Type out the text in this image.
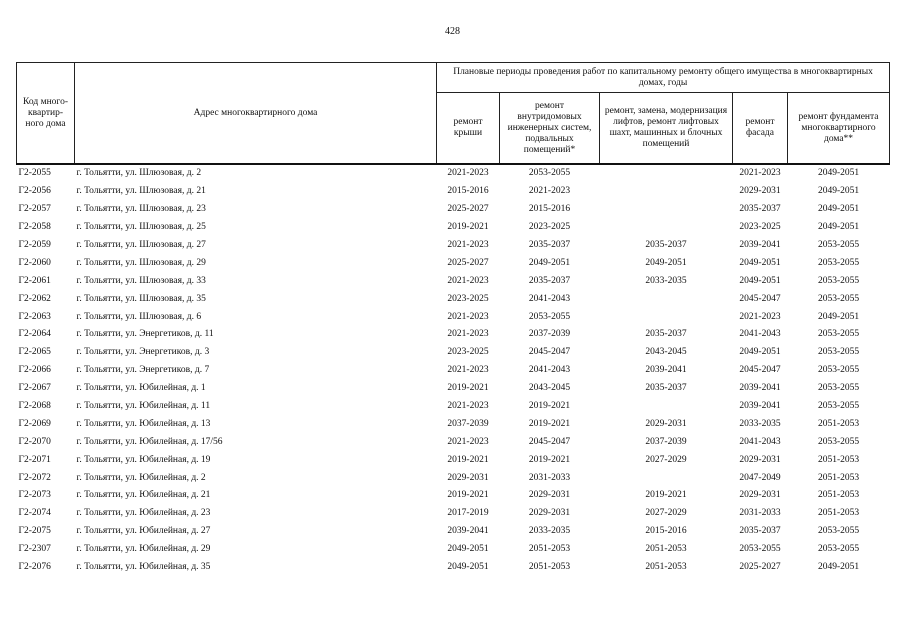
428
Код много-квартир-ного дома	Адрес многоквартирного дома	Плановые периоды проведения работ по капитальному ремонту общего имущества в многоквартирных домах, годы				
		ремонт крыши	ремонт внутридомовых инженерных систем, подвальных помещений*	ремонт, замена, модернизация лифтов, ремонт лифтовых шахт, машинных и блочных помещений	ремонт фасада	ремонт фундамента многоквартирного дома**
Г2-2055	г. Тольятти, ул. Шлюзовая, д. 2	2021-2023	2053-2055		2021-2023	2049-2051
Г2-2056	г. Тольятти, ул. Шлюзовая, д. 21	2015-2016	2021-2023		2029-2031	2049-2051
Г2-2057	г. Тольятти, ул. Шлюзовая, д. 23	2025-2027	2015-2016		2035-2037	2049-2051
Г2-2058	г. Тольятти, ул. Шлюзовая, д. 25	2019-2021	2023-2025		2023-2025	2049-2051
Г2-2059	г. Тольятти, ул. Шлюзовая, д. 27	2021-2023	2035-2037	2035-2037	2039-2041	2053-2055
Г2-2060	г. Тольятти, ул. Шлюзовая, д. 29	2025-2027	2049-2051	2049-2051	2049-2051	2053-2055
Г2-2061	г. Тольятти, ул. Шлюзовая, д. 33	2021-2023	2035-2037	2033-2035	2049-2051	2053-2055
Г2-2062	г. Тольятти, ул. Шлюзовая, д. 35	2023-2025	2041-2043		2045-2047	2053-2055
Г2-2063	г. Тольятти, ул. Шлюзовая, д. 6	2021-2023	2053-2055		2021-2023	2049-2051
Г2-2064	г. Тольятти, ул. Энергетиков, д. 11	2021-2023	2037-2039	2035-2037	2041-2043	2053-2055
Г2-2065	г. Тольятти, ул. Энергетиков, д. 3	2023-2025	2045-2047	2043-2045	2049-2051	2053-2055
Г2-2066	г. Тольятти, ул. Энергетиков, д. 7	2021-2023	2041-2043	2039-2041	2045-2047	2053-2055
Г2-2067	г. Тольятти, ул. Юбилейная, д. 1	2019-2021	2043-2045	2035-2037	2039-2041	2053-2055
Г2-2068	г. Тольятти, ул. Юбилейная, д. 11	2021-2023	2019-2021		2039-2041	2053-2055
Г2-2069	г. Тольятти, ул. Юбилейная, д. 13	2037-2039	2019-2021	2029-2031	2033-2035	2051-2053
Г2-2070	г. Тольятти, ул. Юбилейная, д. 17/56	2021-2023	2045-2047	2037-2039	2041-2043	2053-2055
Г2-2071	г. Тольятти, ул. Юбилейная, д. 19	2019-2021	2019-2021	2027-2029	2029-2031	2051-2053
Г2-2072	г. Тольятти, ул. Юбилейная, д. 2	2029-2031	2031-2033		2047-2049	2051-2053
Г2-2073	г. Тольятти, ул. Юбилейная, д. 21	2019-2021	2029-2031	2019-2021	2029-2031	2051-2053
Г2-2074	г. Тольятти, ул. Юбилейная, д. 23	2017-2019	2029-2031	2027-2029	2031-2033	2051-2053
Г2-2075	г. Тольятти, ул. Юбилейная, д. 27	2039-2041	2033-2035	2015-2016	2035-2037	2053-2055
Г2-2307	г. Тольятти, ул. Юбилейная, д. 29	2049-2051	2051-2053	2051-2053	2053-2055	2053-2055
Г2-2076	г. Тольятти, ул. Юбилейная, д. 35	2049-2051	2051-2053	2051-2053	2025-2027	2049-2051
